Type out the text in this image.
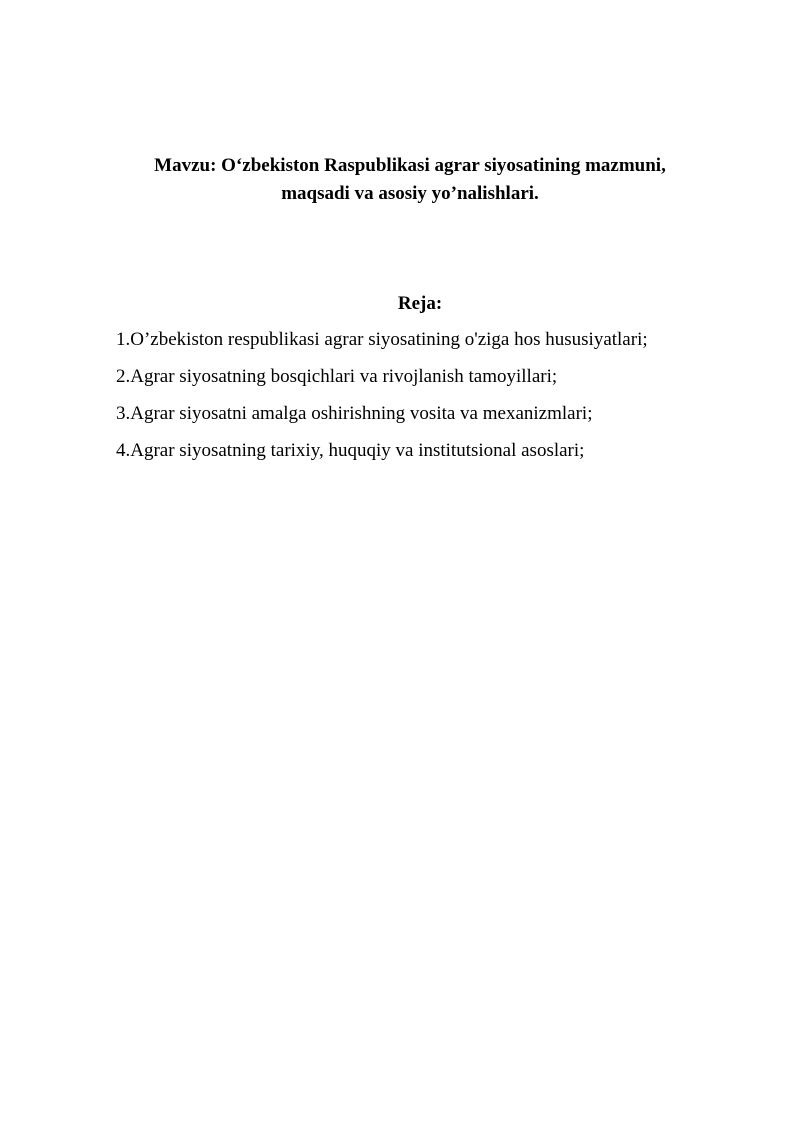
Mavzu: O‘zbekiston Raspublikasi agrar siyosatining mazmuni,
maqsadi va asosiy yo’nalishlari.
Reja:
1.O’zbekiston respublikasi agrar siyosatining o'ziga hos hususiyatlari;
2.Agrar siyosatning bosqichlari va rivojlanish tamoyillari;
3.Agrar siyosatni amalga oshirishning vosita va mexanizmlari;
4.Agrar siyosatning tarixiy, huquqiy va institutsional asoslari;
